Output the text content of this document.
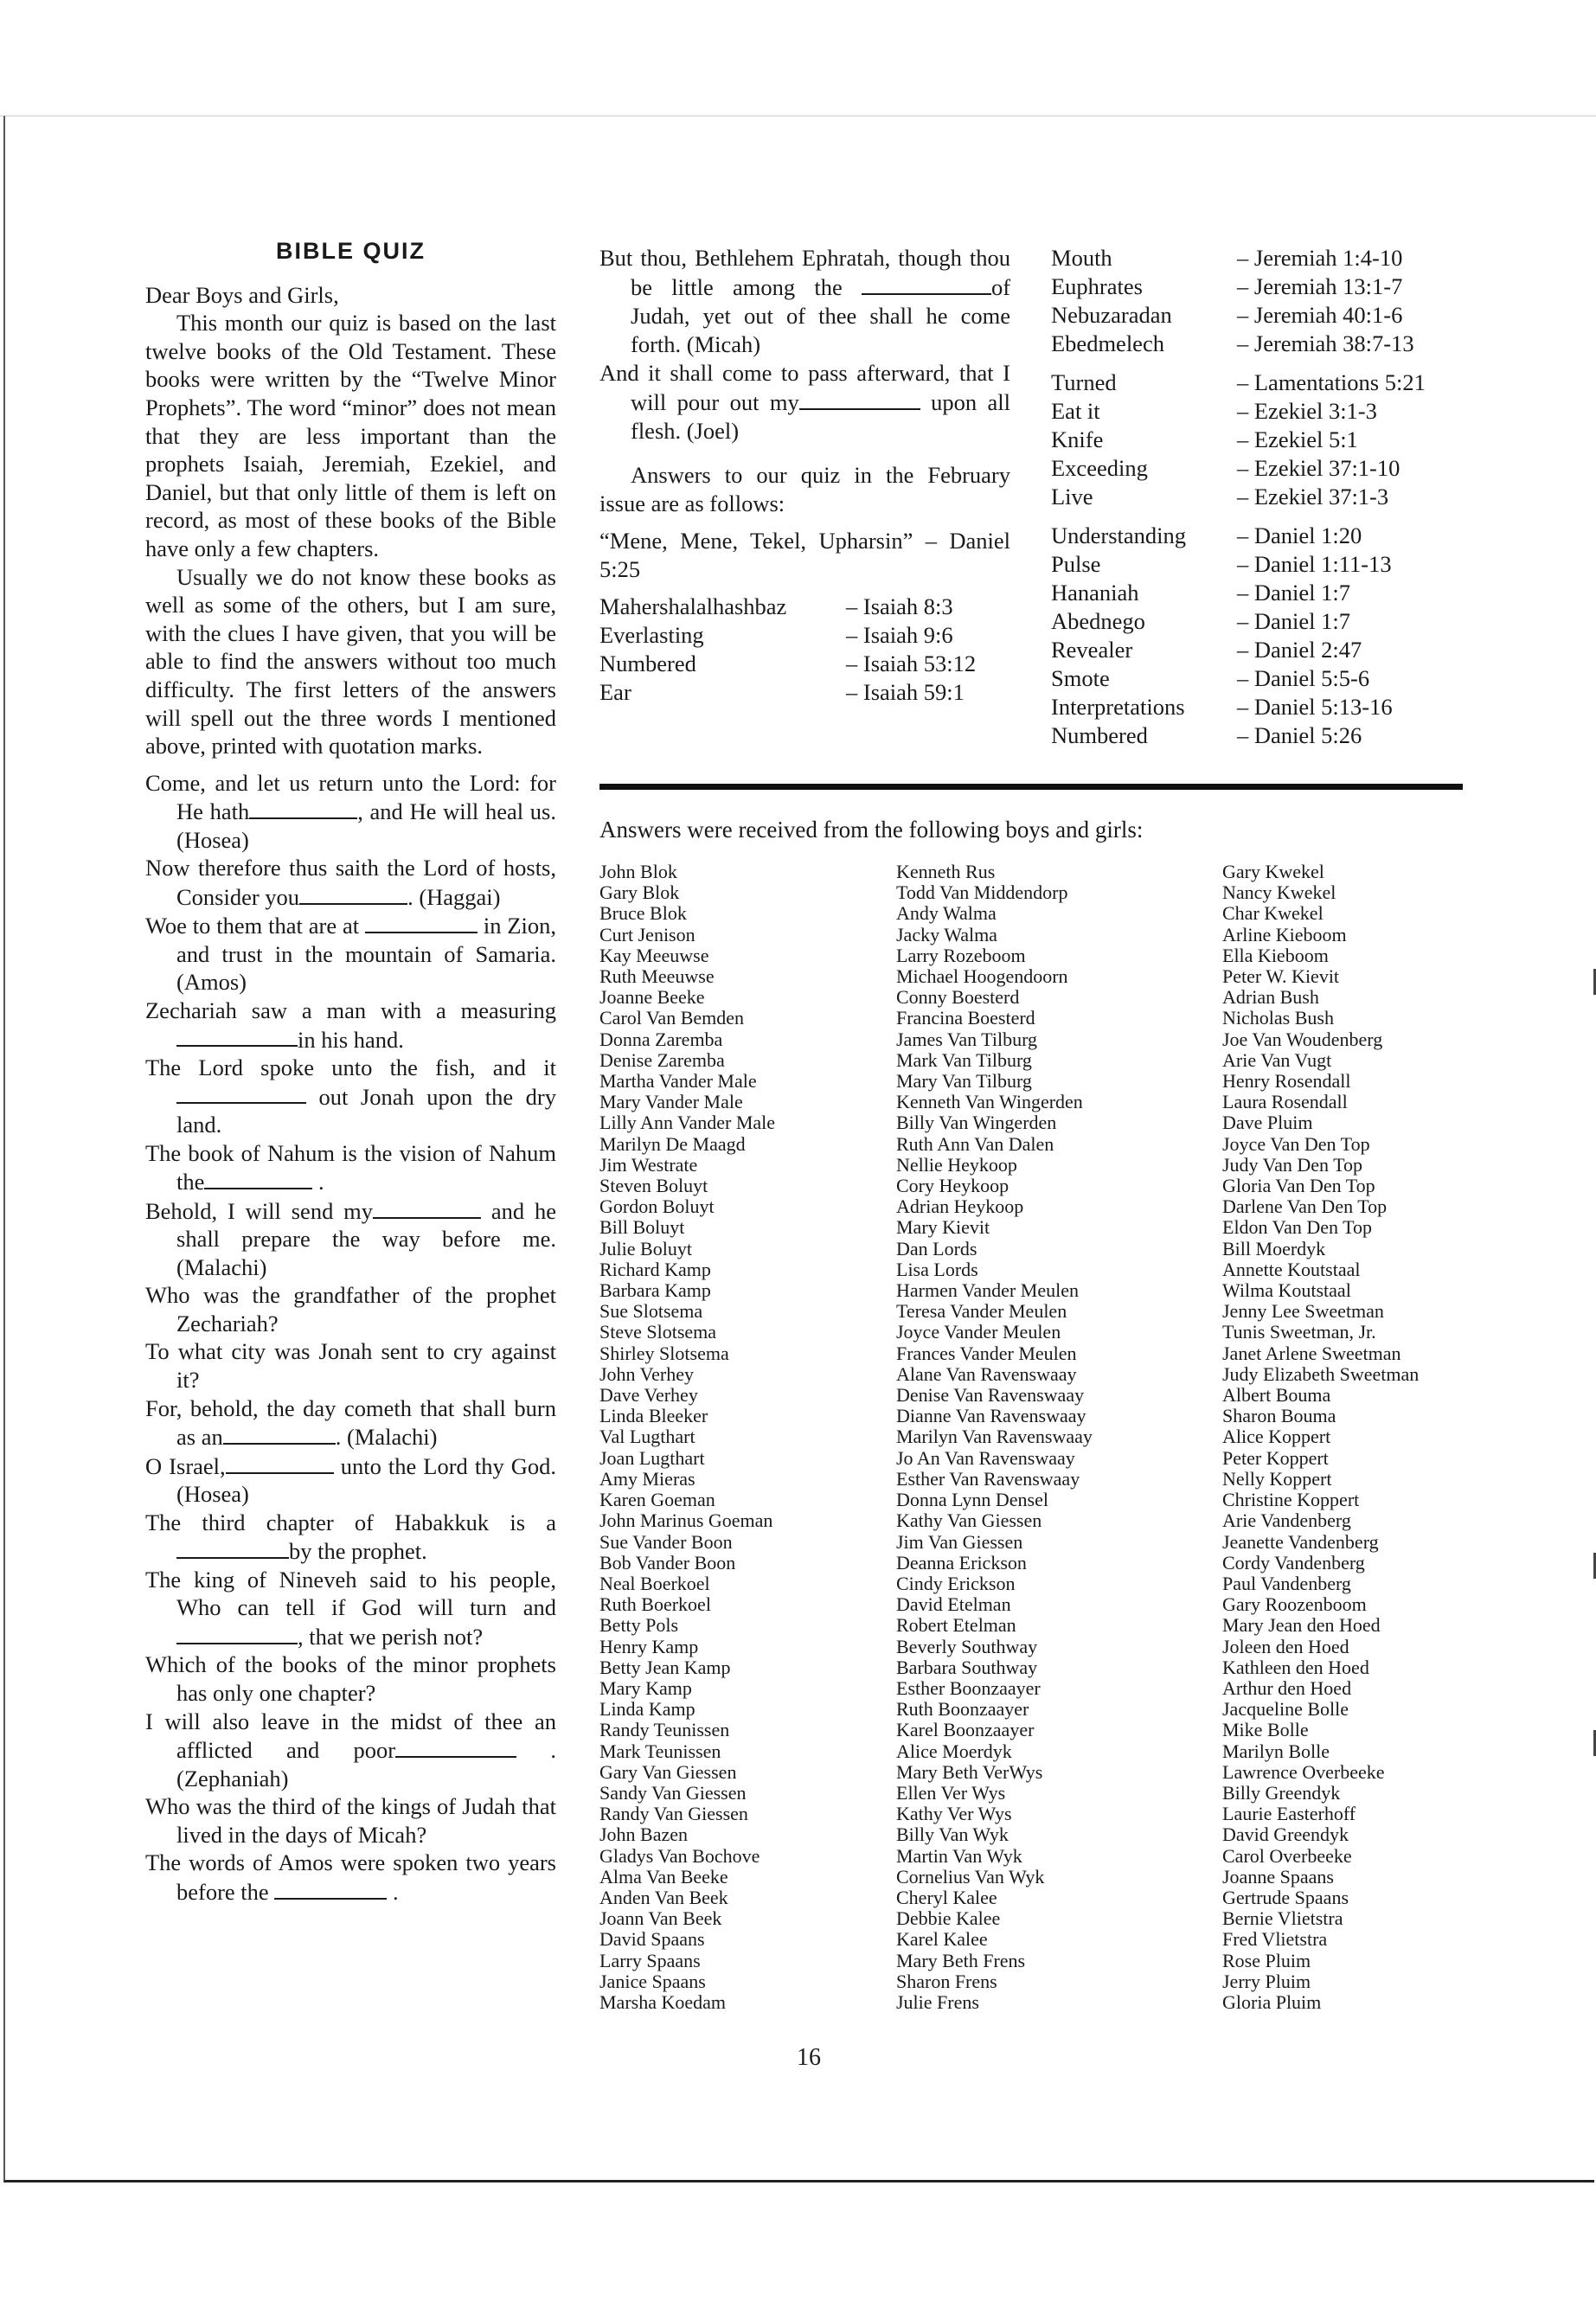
BIBLE QUIZ

Dear Boys and Girls,

This month our quiz is based on the last twelve books of the Old Testament. These books were written by the “Twelve Minor Prophets”. The word “minor” does not mean that they are less important than the prophets Isaiah, Jeremiah, Ezekiel, and Daniel, but that only little of them is left on record, as most of these books of the Bible have only a few chapters.

Usually we do not know these books as well as some of the others, but I am sure, with the clues I have given, that you will be able to find the answers without too much difficulty. The first letters of the answers will spell out the three words I mentioned above, printed with quotation marks.

Come, and let us return unto the Lord: for He hath	, and He will heal us. (Hosea)

Now therefore thus saith the Lord of hosts, Consider you	. (Haggai)

Woe to them that are at	in Zion, and trust in the mountain of Samaria. (Amos)

Zechariah saw a man with a measuring in his hand.

The Lord spoke unto the fish, and it  out Jonah upon the dry land.

The book of Nahum is the vision of Nahum the	.

Behold, I will send my	and he shall prepare the way before me. (Malachi)

Who was the grandfather of the prophet Zechariah?

To what city was Jonah sent to cry against it?

For, behold, the day cometh that shall burn as an	. (Malachi)

O Israel,	unto the Lord thy God. (Hosea)

The third chapter of Habakkuk is a by the prophet.

The king of Nineveh said to his people, Who can tell if God will turn and , that we perish not?

Which of the books of the minor prophets has only one chapter?

I will also leave in the midst of thee an afflicted and poor	. (Zephaniah)

Who was the third of the kings of Judah that lived in the days of Micah?

The words of Amos were spoken two years before the	.

But thou, Bethlehem Ephratah, though thou be little among the	of Judah, yet out of thee shall he come forth. (Micah)

And it shall come to pass afterward, that I will pour out my	upon all flesh. (Joel)

Answers to our quiz in the February issue are as follows:

“Mene, Mene, Tekel, Upharsin” – Daniel 5:25

Mahershalalhashbaz	– Isaiah 8:3
Everlasting	– Isaiah 9:6
Numbered	– Isaiah 53:12
Ear	– Isaiah 59:1
Mouth	– Jeremiah 1:4-10
Euphrates	– Jeremiah 13:1-7
Nebuzaradan	– Jeremiah 40:1-6
Ebedmelech	– Jeremiah 38:7-13

Turned	– Lamentations 5:21
Eat it	– Ezekiel 3:1-3
Knife	– Ezekiel 5:1
Exceeding	– Ezekiel 37:1-10
Live	– Ezekiel 37:1-3

Understanding	– Daniel 1:20
Pulse	– Daniel 1:11-13
Hananiah	– Daniel 1:7
Abednego	– Daniel 1:7
Revealer	– Daniel 2:47
Smote	– Daniel 5:5-6
Interpretations	– Daniel 5:13-16
Numbered	– Daniel 5:26
Answers were received from the following boys and girls:
John Blok
Gary Blok
Bruce Blok
Curt Jenison
Kay Meeuwse
Ruth Meeuwse
Joanne Beeke
Carol Van Bemden
Donna Zaremba
Denise Zaremba
Martha Vander Male
Mary Vander Male
Lilly Ann Vander Male
Marilyn De Maagd
Jim Westrate
Steven Boluyt
Gordon Boluyt
Bill Boluyt
Julie Boluyt
Richard Kamp
Barbara Kamp
Sue Slotsema
Steve Slotsema
Shirley Slotsema
John Verhey
Dave Verhey
Linda Bleeker
Val Lugthart
Joan Lugthart
Amy Mieras
Karen Goeman
John Marinus Goeman
Sue Vander Boon
Bob Vander Boon
Neal Boerkoel
Ruth Boerkoel
Betty Pols
Henry Kamp
Betty Jean Kamp
Mary Kamp
Linda Kamp
Randy Teunissen
Mark Teunissen
Gary Van Giessen
Sandy Van Giessen
Randy Van Giessen
John Bazen
Gladys Van Bochove
Alma Van Beeke
Anden Van Beek
Joann Van Beek
David Spaans
Larry Spaans
Janice Spaans
Marsha Koedam
Kenneth Rus
Todd Van Middendorp
Andy Walma
Jacky Walma
Larry Rozeboom
Michael Hoogendoorn
Conny Boesterd
Francina Boesterd
James Van Tilburg
Mark Van Tilburg
Mary Van Tilburg
Kenneth Van Wingerden
Billy Van Wingerden
Ruth Ann Van Dalen
Nellie Heykoop
Cory Heykoop
Adrian Heykoop
Mary Kievit
Dan Lords
Lisa Lords
Harmen Vander Meulen
Teresa Vander Meulen
Joyce Vander Meulen
Frances Vander Meulen
Alane Van Ravenswaay
Denise Van Ravenswaay
Dianne Van Ravenswaay
Marilyn Van Ravenswaay
Jo An Van Ravenswaay
Esther Van Ravenswaay
Donna Lynn Densel
Kathy Van Giessen
Jim Van Giessen
Deanna Erickson
Cindy Erickson
David Etelman
Robert Etelman
Beverly Southway
Barbara Southway
Esther Boonzaayer
Ruth Boonzaayer
Karel Boonzaayer
Alice Moerdyk
Mary Beth VerWys
Ellen Ver Wys
Kathy Ver Wys
Billy Van Wyk
Martin Van Wyk
Cornelius Van Wyk
Cheryl Kalee
Debbie Kalee
Karel Kalee
Mary Beth Frens
Sharon Frens
Julie Frens
Gary Kwekel
Nancy Kwekel
Char Kwekel
Arline Kieboom
Ella Kieboom
Peter W. Kievit
Adrian Bush
Nicholas Bush
Joe Van Woudenberg
Arie Van Vugt
Henry Rosendall
Laura Rosendall
Dave Pluim
Joyce Van Den Top
Judy Van Den Top
Gloria Van Den Top
Darlene Van Den Top
Eldon Van Den Top
Bill Moerdyk
Annette Koutstaal
Wilma Koutstaal
Jenny Lee Sweetman
Tunis Sweetman, Jr.
Janet Arlene Sweetman
Judy Elizabeth Sweetman
Albert Bouma
Sharon Bouma
Alice Koppert
Peter Koppert
Nelly Koppert
Christine Koppert
Arie Vandenberg
Jeanette Vandenberg
Cordy Vandenberg
Paul Vandenberg
Gary Roozenboom
Mary Jean den Hoed
Joleen den Hoed
Kathleen den Hoed
Arthur den Hoed
Jacqueline Bolle
Mike Bolle
Marilyn Bolle
Lawrence Overbeeke
Billy Greendyk
Laurie Easterhoff
David Greendyk
Carol Overbeeke
Joanne Spaans
Gertrude Spaans
Bernie Vlietstra
Fred Vlietstra
Rose Pluim
Jerry Pluim
Gloria Pluim
16
